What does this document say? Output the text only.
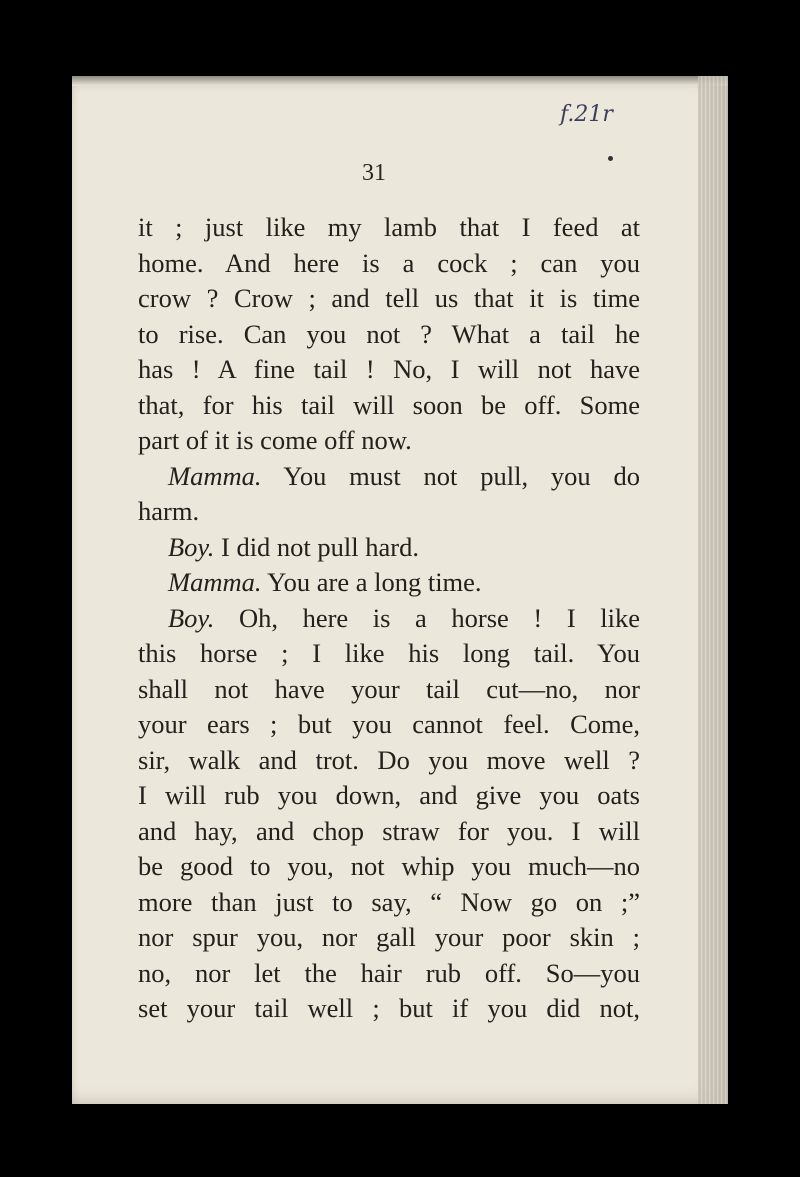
f.21r
31
it ; just like my lamb that I feed at
home. And here is a cock ; can you
crow ? Crow ; and tell us that it is time
to rise. Can you not ? What a tail he
has ! A fine tail ! No, I will not have
that, for his tail will soon be off. Some
part of it is come off now.
Mamma. You must not pull, you do
harm.
Boy. I did not pull hard.
Mamma. You are a long time.
Boy. Oh, here is a horse ! I like
this horse ; I like his long tail. You
shall not have your tail cut—no, nor
your ears ; but you cannot feel. Come,
sir, walk and trot. Do you move well ?
I will rub you down, and give you oats
and hay, and chop straw for you. I will
be good to you, not whip you much—no
more than just to say, “ Now go on ;”
nor spur you, nor gall your poor skin ;
no, nor let the hair rub off. So—you
set your tail well ; but if you did not,
